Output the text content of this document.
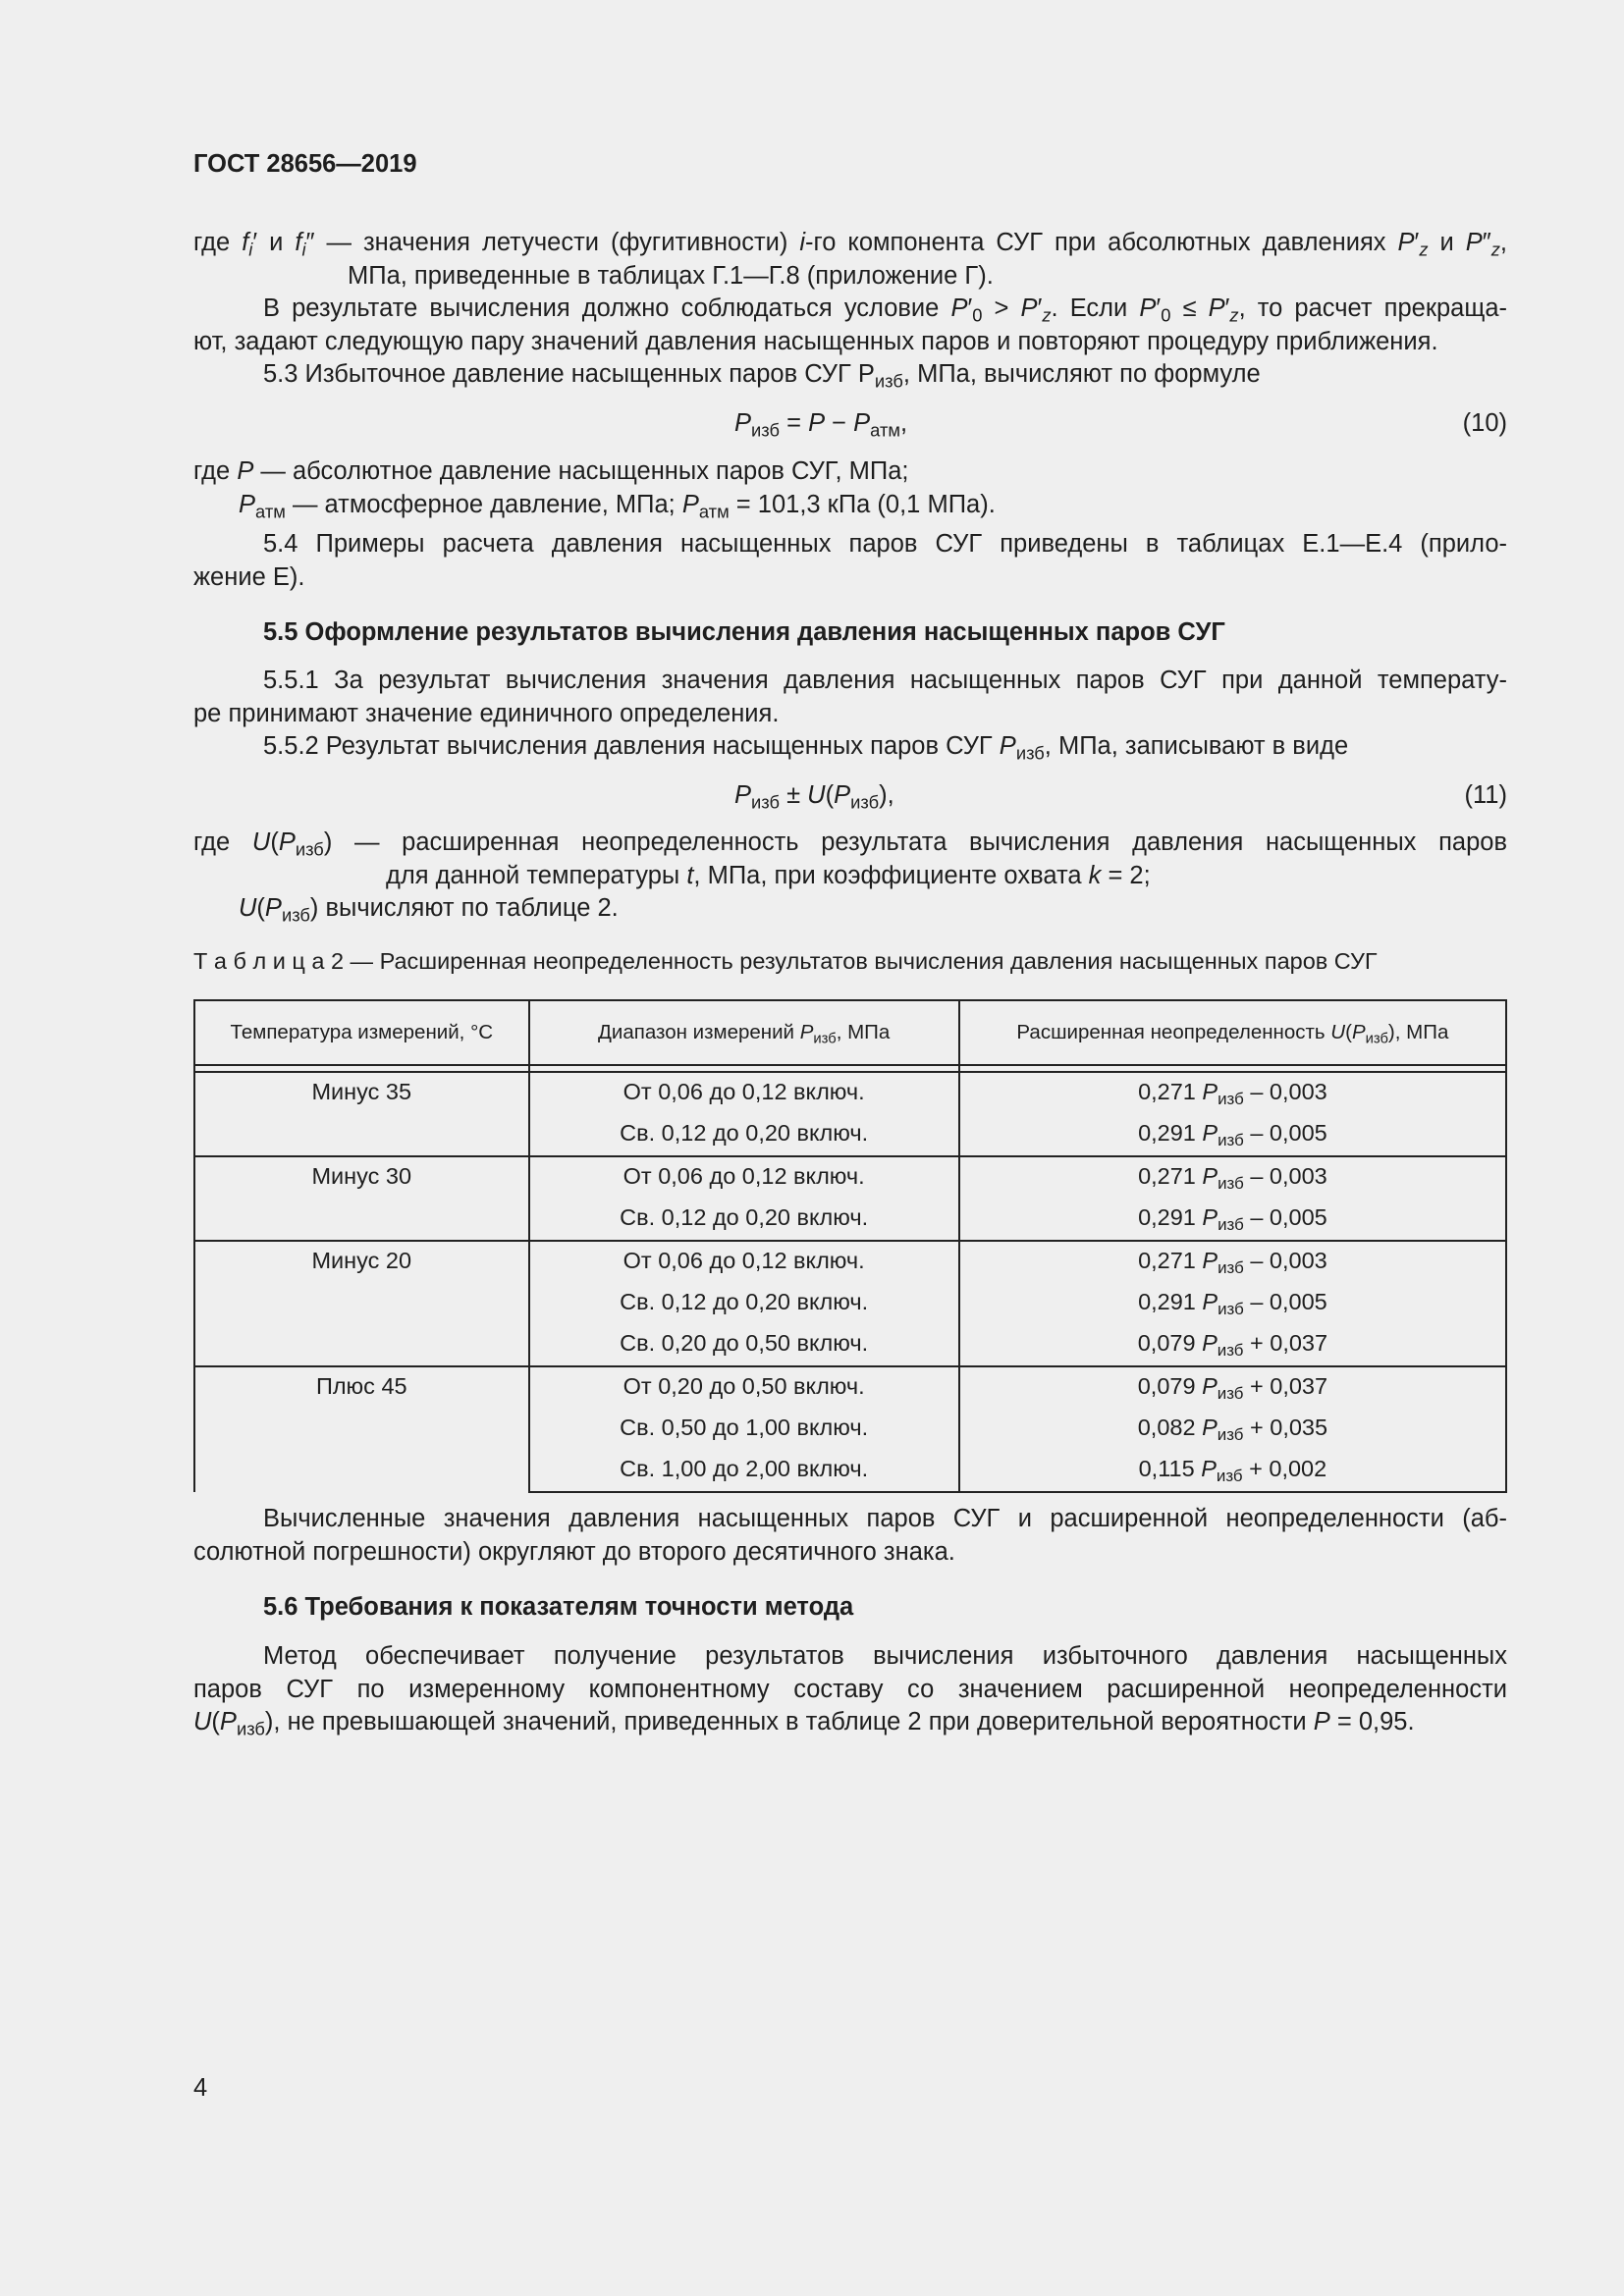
ГОСТ 28656—2019
где $f_i'$ и $f_i''$ — значения летучести (фугитивности) i-го компонента СУГ при абсолютных давлениях $P'_z$ и $P''_z$,
МПа, приведенные в таблицах Г.1—Г.8 (приложение Г).
В результате вычисления должно соблюдаться условие $P'_0 > P'_z$. Если $P'_0 \le P'_z$, то расчет прекраща-
ют, задают следующую пару значений давления насыщенных паров и повторяют процедуру приближения.
5.3 Избыточное давление насыщенных паров СУГ $Р_{изб}$, МПа, вычисляют по формуле
$P_{изб} = P - P_{атм}$,	(10)
где P — абсолютное давление насыщенных паров СУГ, МПа;
$P_{атм}$ — атмосферное давление, МПа; $P_{атм} = 101,3$ кПа (0,1 МПа).
5.4 Примеры расчета давления насыщенных паров СУГ приведены в таблицах Е.1—Е.4 (прило-
жение Е).
5.5 Оформление результатов вычисления давления насыщенных паров СУГ
5.5.1 За результат вычисления значения давления насыщенных паров СУГ при данной температу-
ре принимают значение единичного определения.
5.5.2 Результат вычисления давления насыщенных паров СУГ $P_{изб}$, МПа, записывают в виде
$P_{изб} \pm U(P_{изб})$,	(11)
где $U(P_{изб})$ — расширенная неопределенность результата вычисления давления насыщенных паров
для данной температуры t, МПа, при коэффициенте охвата k = 2;
$U(P_{изб})$ вычисляют по таблице 2.
Т а б л и ц а 2 — Расширенная неопределенность результатов вычисления давления насыщенных паров СУГ
Температура измерений, °С	Диапазон измерений $P_{изб}$, МПа	Расширенная неопределенность $U(P_{изб})$, МПа

Минус 35	От 0,06 до 0,12 включ.	0,271 $P_{изб} - 0,003$
	Св. 0,12 до 0,20 включ.	0,291 $P_{изб} - 0,005$
Минус 30	От 0,06 до 0,12 включ.	0,271 $P_{изб} - 0,003$
	Св. 0,12 до 0,20 включ.	0,291 $P_{изб} - 0,005$
Минус 20	От 0,06 до 0,12 включ.	0,271 $P_{изб} - 0,003$
	Св. 0,12 до 0,20 включ.	0,291 $P_{изб} - 0,005$
	Св. 0,20 до 0,50 включ.	0,079 $P_{изб} + 0,037$
Плюс 45	От 0,20 до 0,50 включ.	0,079 $P_{изб} + 0,037$
	Св. 0,50 до 1,00 включ.	0,082 $P_{изб} + 0,035$
	Св. 1,00 до 2,00 включ.	0,115 $P_{изб} + 0,002$
Вычисленные значения давления насыщенных паров СУГ и расширенной неопределенности (аб-
солютной погрешности) округляют до второго десятичного знака.
5.6 Требования к показателям точности метода
Метод обеспечивает получение результатов вычисления избыточного давления насыщенных
паров СУГ по измеренному компонентному составу со значением расширенной неопределенности
$U(P_{изб})$, не превышающей значений, приведенных в таблице 2 при доверительной вероятности P = 0,95.
4
